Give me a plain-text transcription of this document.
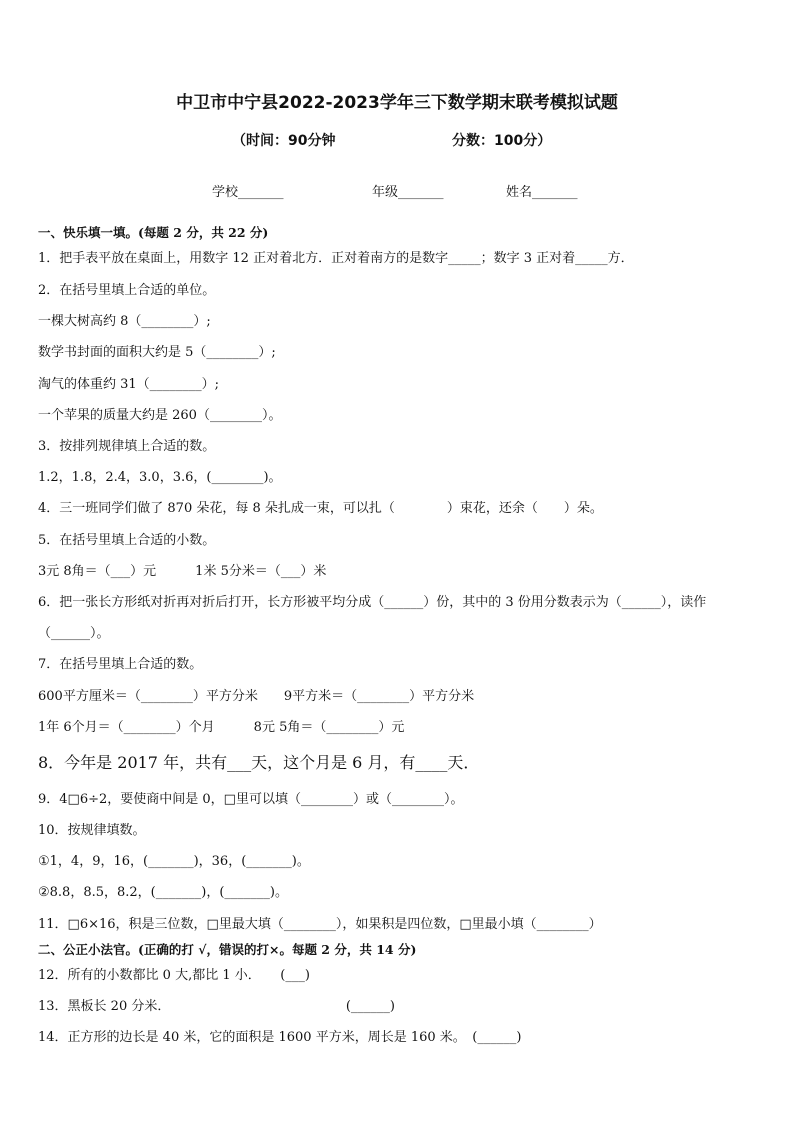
中卫市中宁县2022-2023学年三下数学期末联考模拟试题
（时间：90分钟	分数：100分）
学校_______	年级_______	姓名_______
一、快乐填一填。(每题 2 分，共 22 分)
1．把手表平放在桌面上，用数字 12 正对着北方．正对着南方的是数字_____；数字 3 正对着_____方．
2．在括号里填上合适的单位。
一棵大树高约 8（________）;
数学书封面的面积大约是 5（________）;
淘气的体重约 31（________）;
一个苹果的质量大约是 260（________）。
3．按排列规律填上合适的数。
1.2，1.8，2.4，3.0，3.6，(________)。
4．三一班同学们做了 870 朵花，每 8 朵扎成一束，可以扎（　　　　）束花，还余（　　）朵。
5．在括号里填上合适的小数。
3元 8角＝（___）元　　　1米 5分米＝（___）米
6．把一张长方形纸对折再对折后打开，长方形被平均分成（______）份，其中的 3 份用分数表示为（______），读作
（______）。
7．在括号里填上合适的数。
600平方厘米＝（________）平方分米　　9平方米＝（________）平方分米
1年 6个月＝（________）个月　　　8元 5角＝（________）元
8．今年是 2017 年，共有___天，这个月是 6 月，有____天．
9．4□6÷2，要使商中间是 0，□里可以填（________）或（________）。
10．按规律填数。
①1，4，9，16，(_______)，36，(_______)。
②8.8，8.5，8.2，(_______)，(_______)。
11．□6×16，积是三位数，□里最大填（________），如果积是四位数，□里最小填（________）
二、公正小法官。(正确的打 √，错误的打×。每题 2 分，共 14 分)
12．所有的小数都比 0 大,都比 1 小．　　(___)
13．黑板长 20 分米．　　　　　　　　　　　　　　(______)
14．正方形的边长是 40 米，它的面积是 1600 平方米，周长是 160 米。　(______)
